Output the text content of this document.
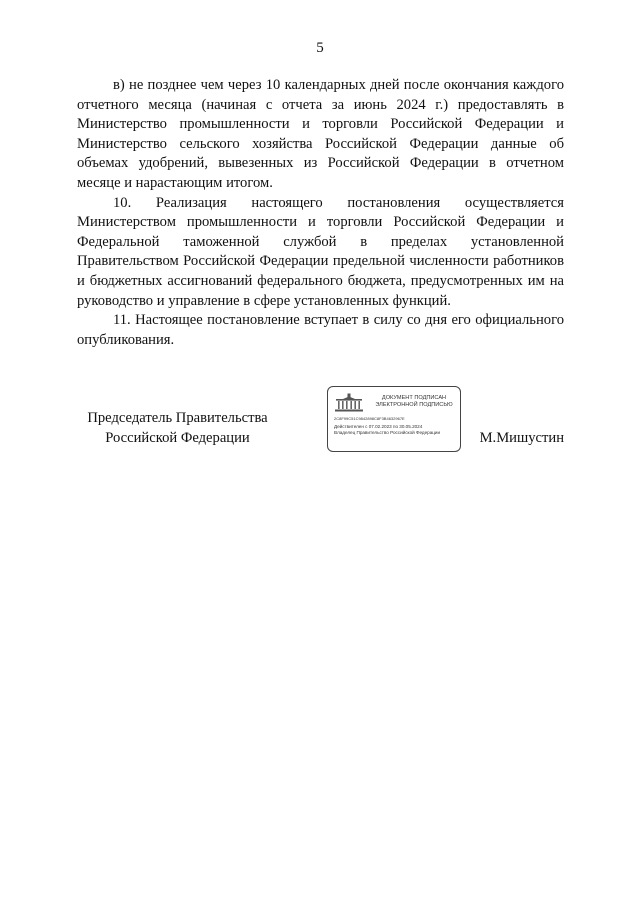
5

в) не позднее чем через 10 календарных дней после окончания каждого отчетного месяца (начиная с отчета за июнь 2024 г.) предоставлять в Министерство промышленности и торговли Российской Федерации и Министерство сельского хозяйства Российской Федерации данные об объемах удобрений, вывезенных из Российской Федерации в отчетном месяце и нарастающим итогом.

10. Реализация настоящего постановления осуществляется Министерством промышленности и торговли Российской Федерации и Федеральной таможенной службой в пределах установленной Правительством Российской Федерации предельной численности работников и бюджетных ассигнований федерального бюджета, предусмотренных им на руководство и управление в сфере установленных функций.

11. Настоящее постановление вступает в силу со дня его официального опубликования.

Председатель Правительства
Российской Федерации
ДОКУМЕНТ ПОДПИСАН
ЭЛЕКТРОННОЙ ПОДПИСЬЮ
2C8F99C51C9842898C8F3B4632967E
Действителен с 07.02.2023 по 30.05.2024
Владелец Правительство Российской Федерации	М.Мишустин
